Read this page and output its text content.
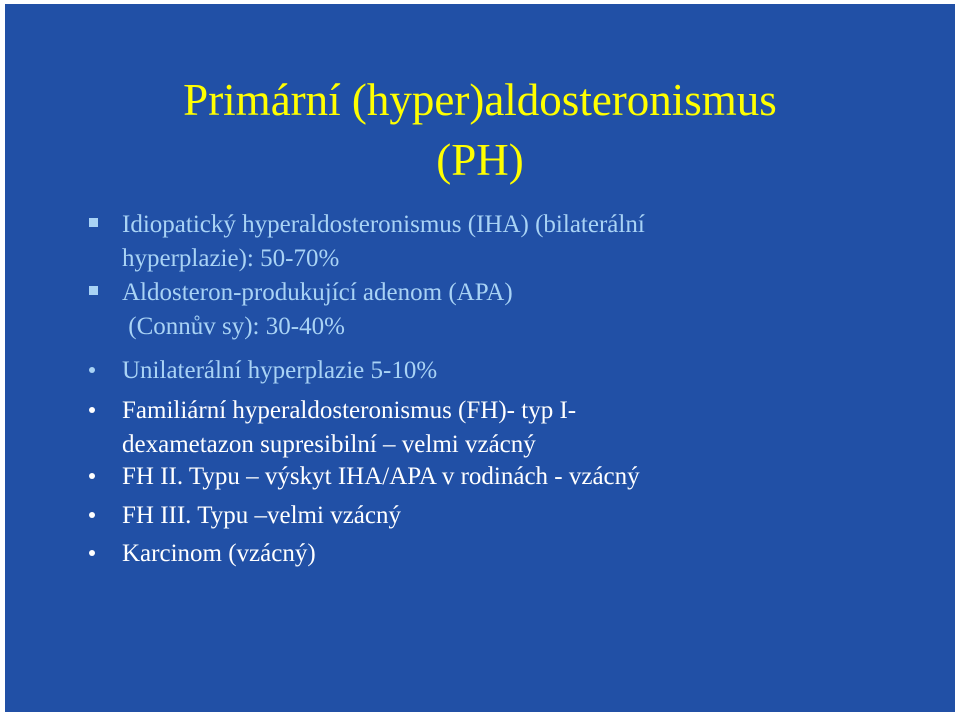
Primární (hyper)aldosteronismus
(PH)
Idiopatický hyperaldosteronismus (IHA) (bilaterální
hyperplazie): 50-70%
Aldosteron-produkující adenom (APA)
(Connův sy): 30-40%
Unilaterální hyperplazie 5-10%
Familiární hyperaldosteronismus (FH)- typ I-
dexametazon supresibilní – velmi vzácný
FH II. Typu – výskyt IHA/APA v rodinách - vzácný
FH III. Typu –velmi vzácný
Karcinom (vzácný)
